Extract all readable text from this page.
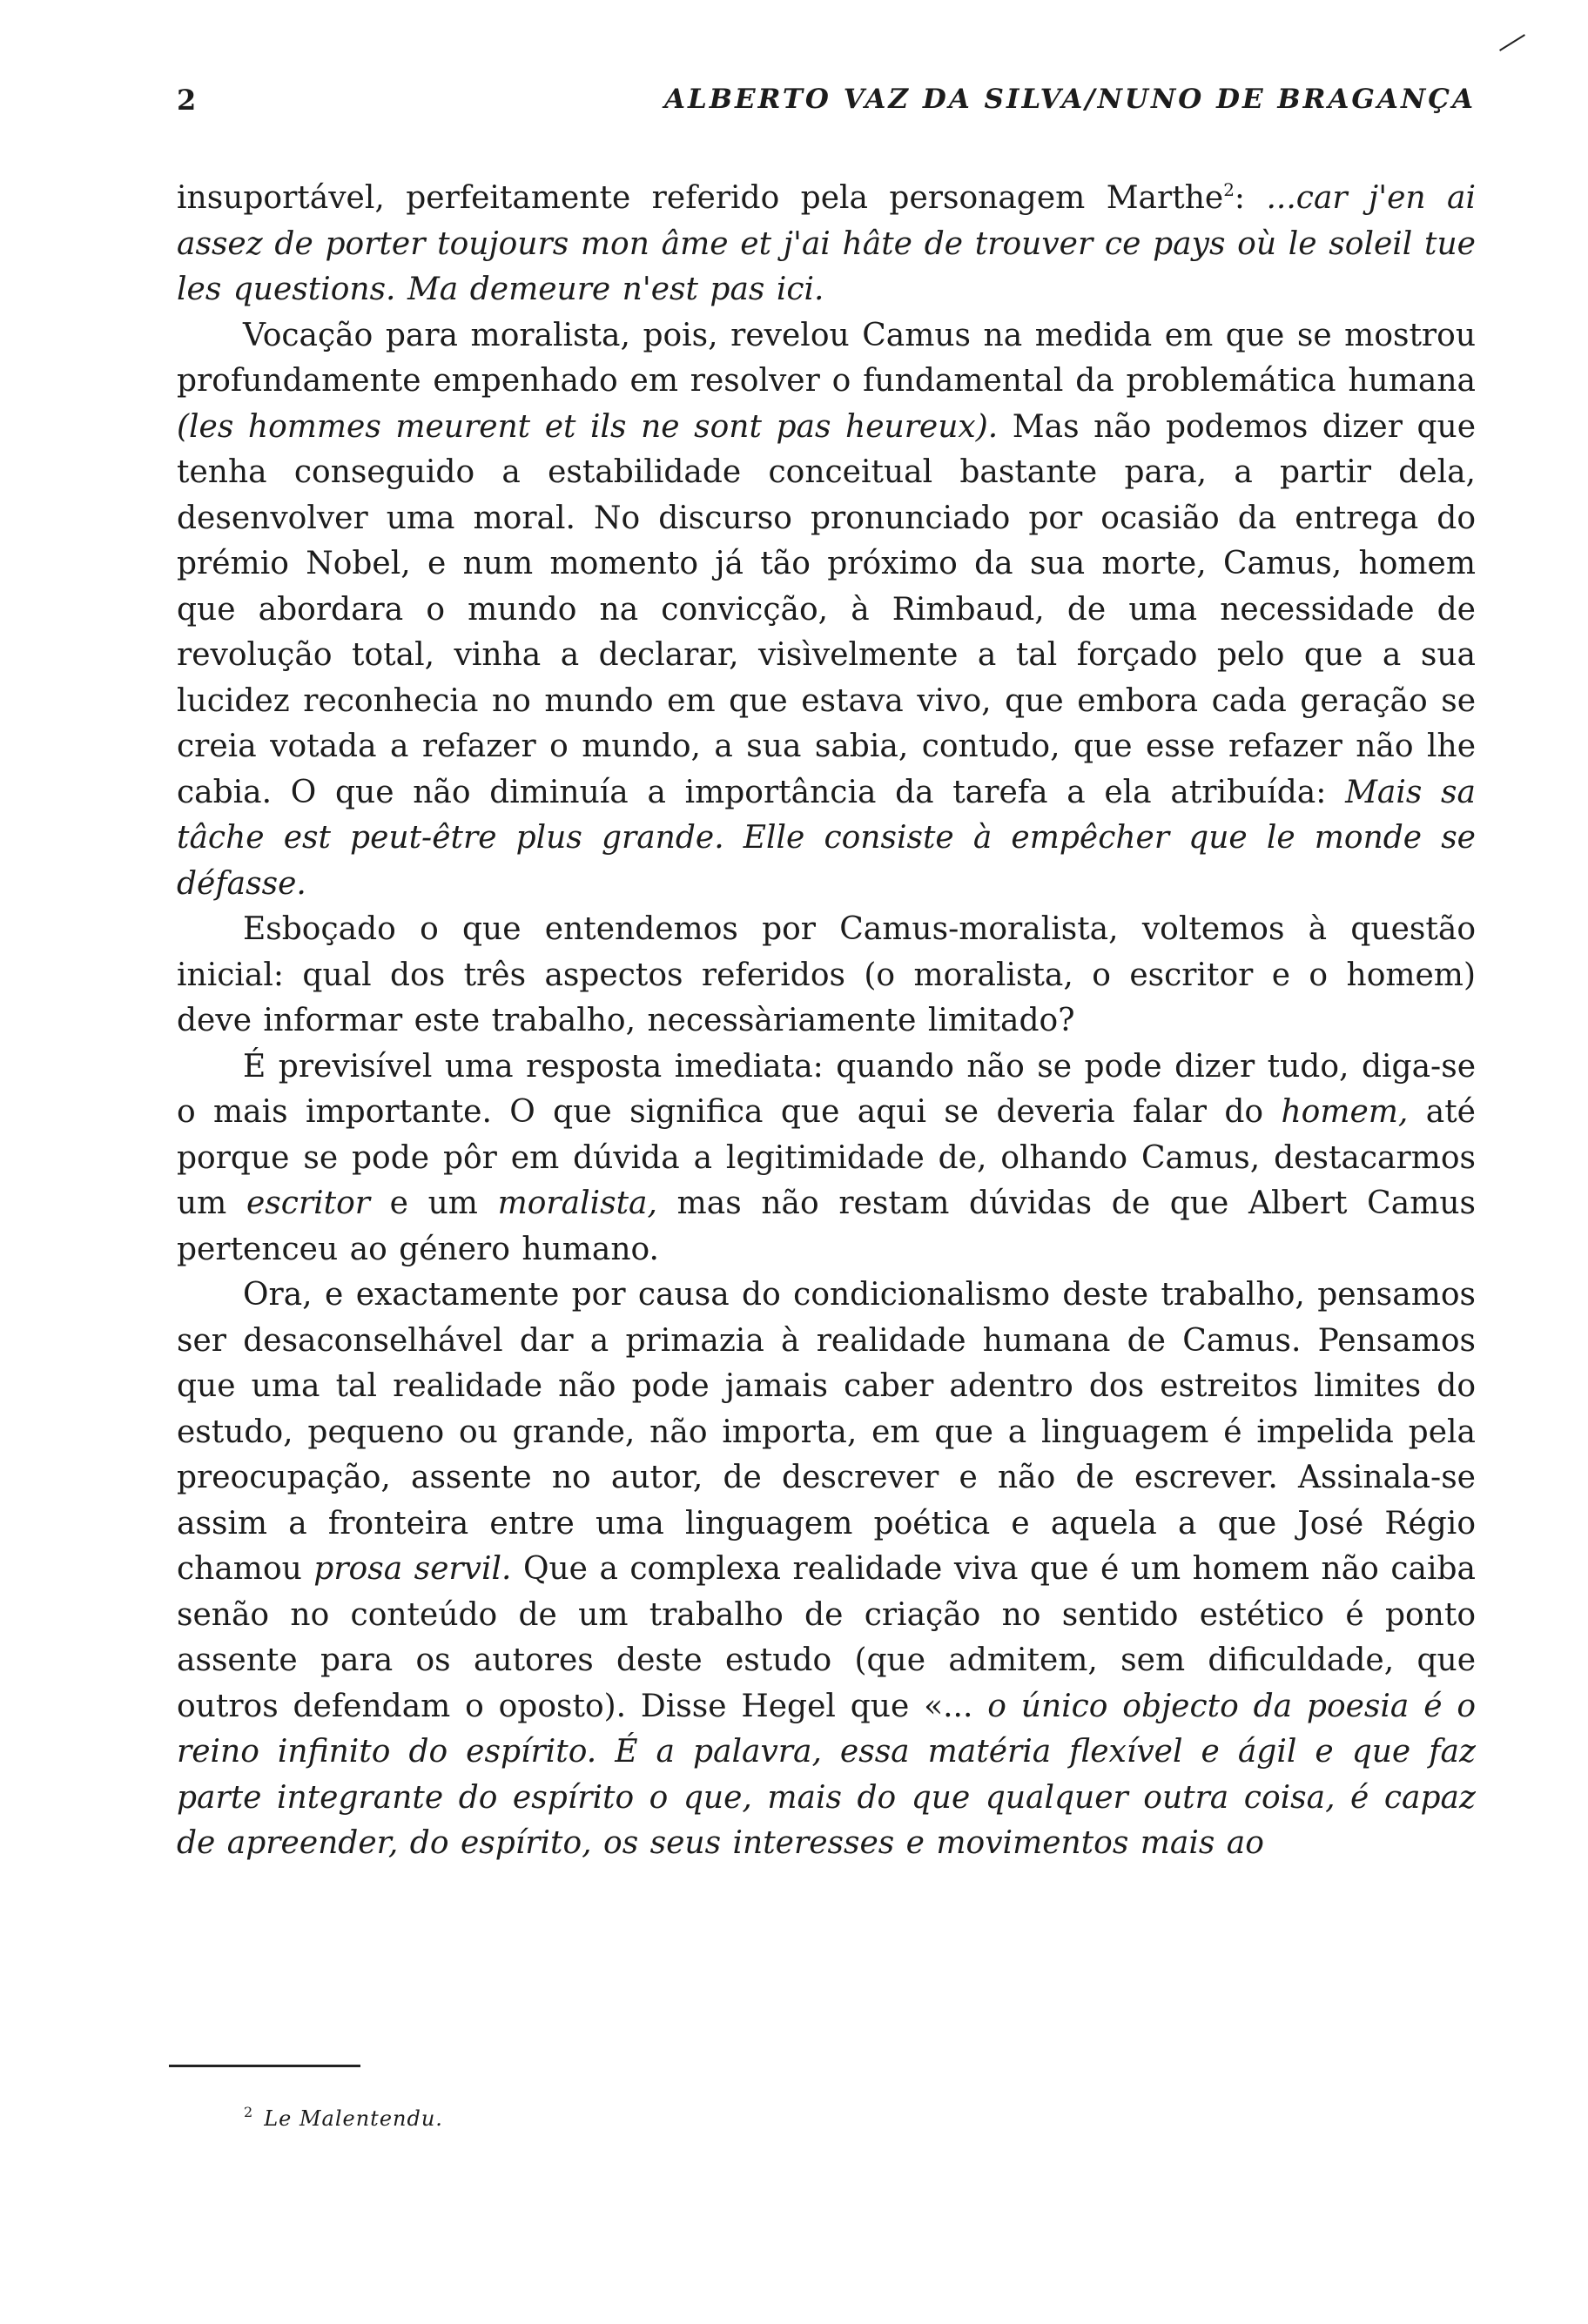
2	ALBERTO VAZ DA SILVA/NUNO DE BRAGANÇA

insuportável, perfeitamente referido pela personagem Marthe$^2$: ...car j'en ai assez de porter toujours mon âme et j'ai hâte de trouver ce pays où le soleil tue les questions. Ma demeure n'est pas ici.

Vocação para moralista, pois, revelou Camus na medida em que se mostrou profundamente empenhado em resolver o fundamental da problemática humana (les hommes meurent et ils ne sont pas heureux). Mas não podemos dizer que tenha conseguido a estabilidade conceitual bastante para, a partir dela, desenvolver uma moral. No discurso pronunciado por ocasião da entrega do prémio Nobel, e num momento já tão próximo da sua morte, Camus, homem que abordara o mundo na convicção, à Rimbaud, de uma necessidade de revolução total, vinha a declarar, visìvelmente a tal forçado pelo que a sua lucidez reconhecia no mundo em que estava vivo, que embora cada geração se creia votada a refazer o mundo, a sua sabia, contudo, que esse refazer não lhe cabia. O que não diminuía a importância da tarefa a ela atribuída: Mais sa tâche est peut-être plus grande. Elle consiste à empêcher que le monde se défasse.

Esboçado o que entendemos por Camus-moralista, voltemos à questão inicial: qual dos três aspectos referidos (o moralista, o escritor e o homem) deve informar este trabalho, necessàriamente limitado?

É previsível uma resposta imediata: quando não se pode dizer tudo, diga-se o mais importante. O que significa que aqui se deveria falar do homem, até porque se pode pôr em dúvida a legitimidade de, olhando Camus, destacarmos um escritor e um moralista, mas não restam dúvidas de que Albert Camus pertenceu ao género humano.

Ora, e exactamente por causa do condicionalismo deste trabalho, pensamos ser desaconselhável dar a primazia à realidade humana de Camus. Pensamos que uma tal realidade não pode jamais caber adentro dos estreitos limites do estudo, pequeno ou grande, não importa, em que a linguagem é impelida pela preocupação, assente no autor, de descrever e não de escrever. Assinala-se assim a fronteira entre uma linguagem poética e aquela a que José Régio chamou prosa servil. Que a complexa realidade viva que é um homem não caiba senão no conteúdo de um trabalho de criação no sentido estético é ponto assente para os autores deste estudo (que admitem, sem dificuldade, que outros defendam o oposto). Disse Hegel que «... o único objecto da poesia é o reino infinito do espírito. É a palavra, essa matéria flexível e ágil e que faz parte integrante do espírito o que, mais do que qualquer outra coisa, é capaz de apreender, do espírito, os seus interesses e movimentos mais ao

$^2$ Le Malentendu.
